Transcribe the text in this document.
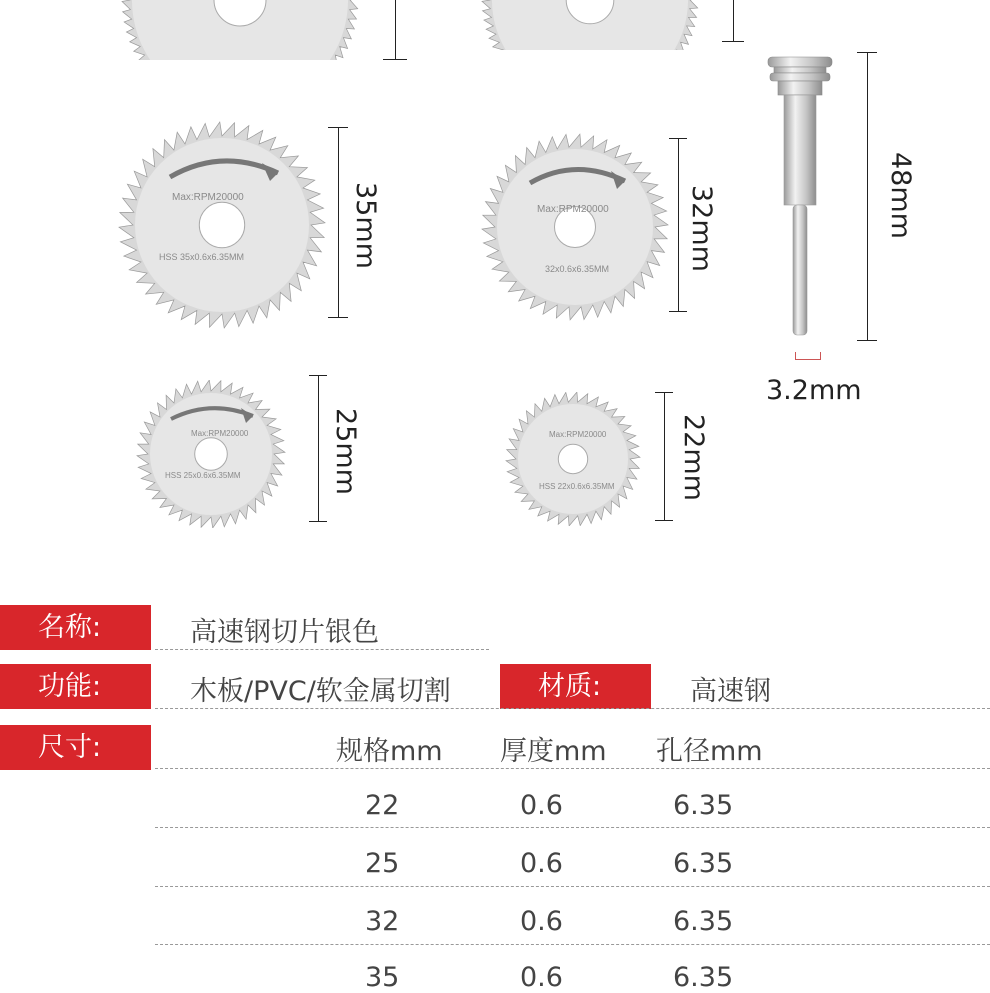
Max:RPM20000
HSS 35x0.6x6.35MM	35mm	Max:RPM20000
32x0.6x6.35MM	32mm	48mm
3.2mm
Max:RPM20000
HSS 25x0.6x6.35MM	25mm	Max:RPM20000
HSS 22x0.6x6.35MM 22mm
名称:	高速钢切片银色
功能:	木板/PVC/软金属切割	材质:	高速钢
尺寸:	规格mm 厚度mm 孔径mm
22	0.6	6.35
25	0.6	6.35
32	0.6	6.35
35	0.6	6.35
